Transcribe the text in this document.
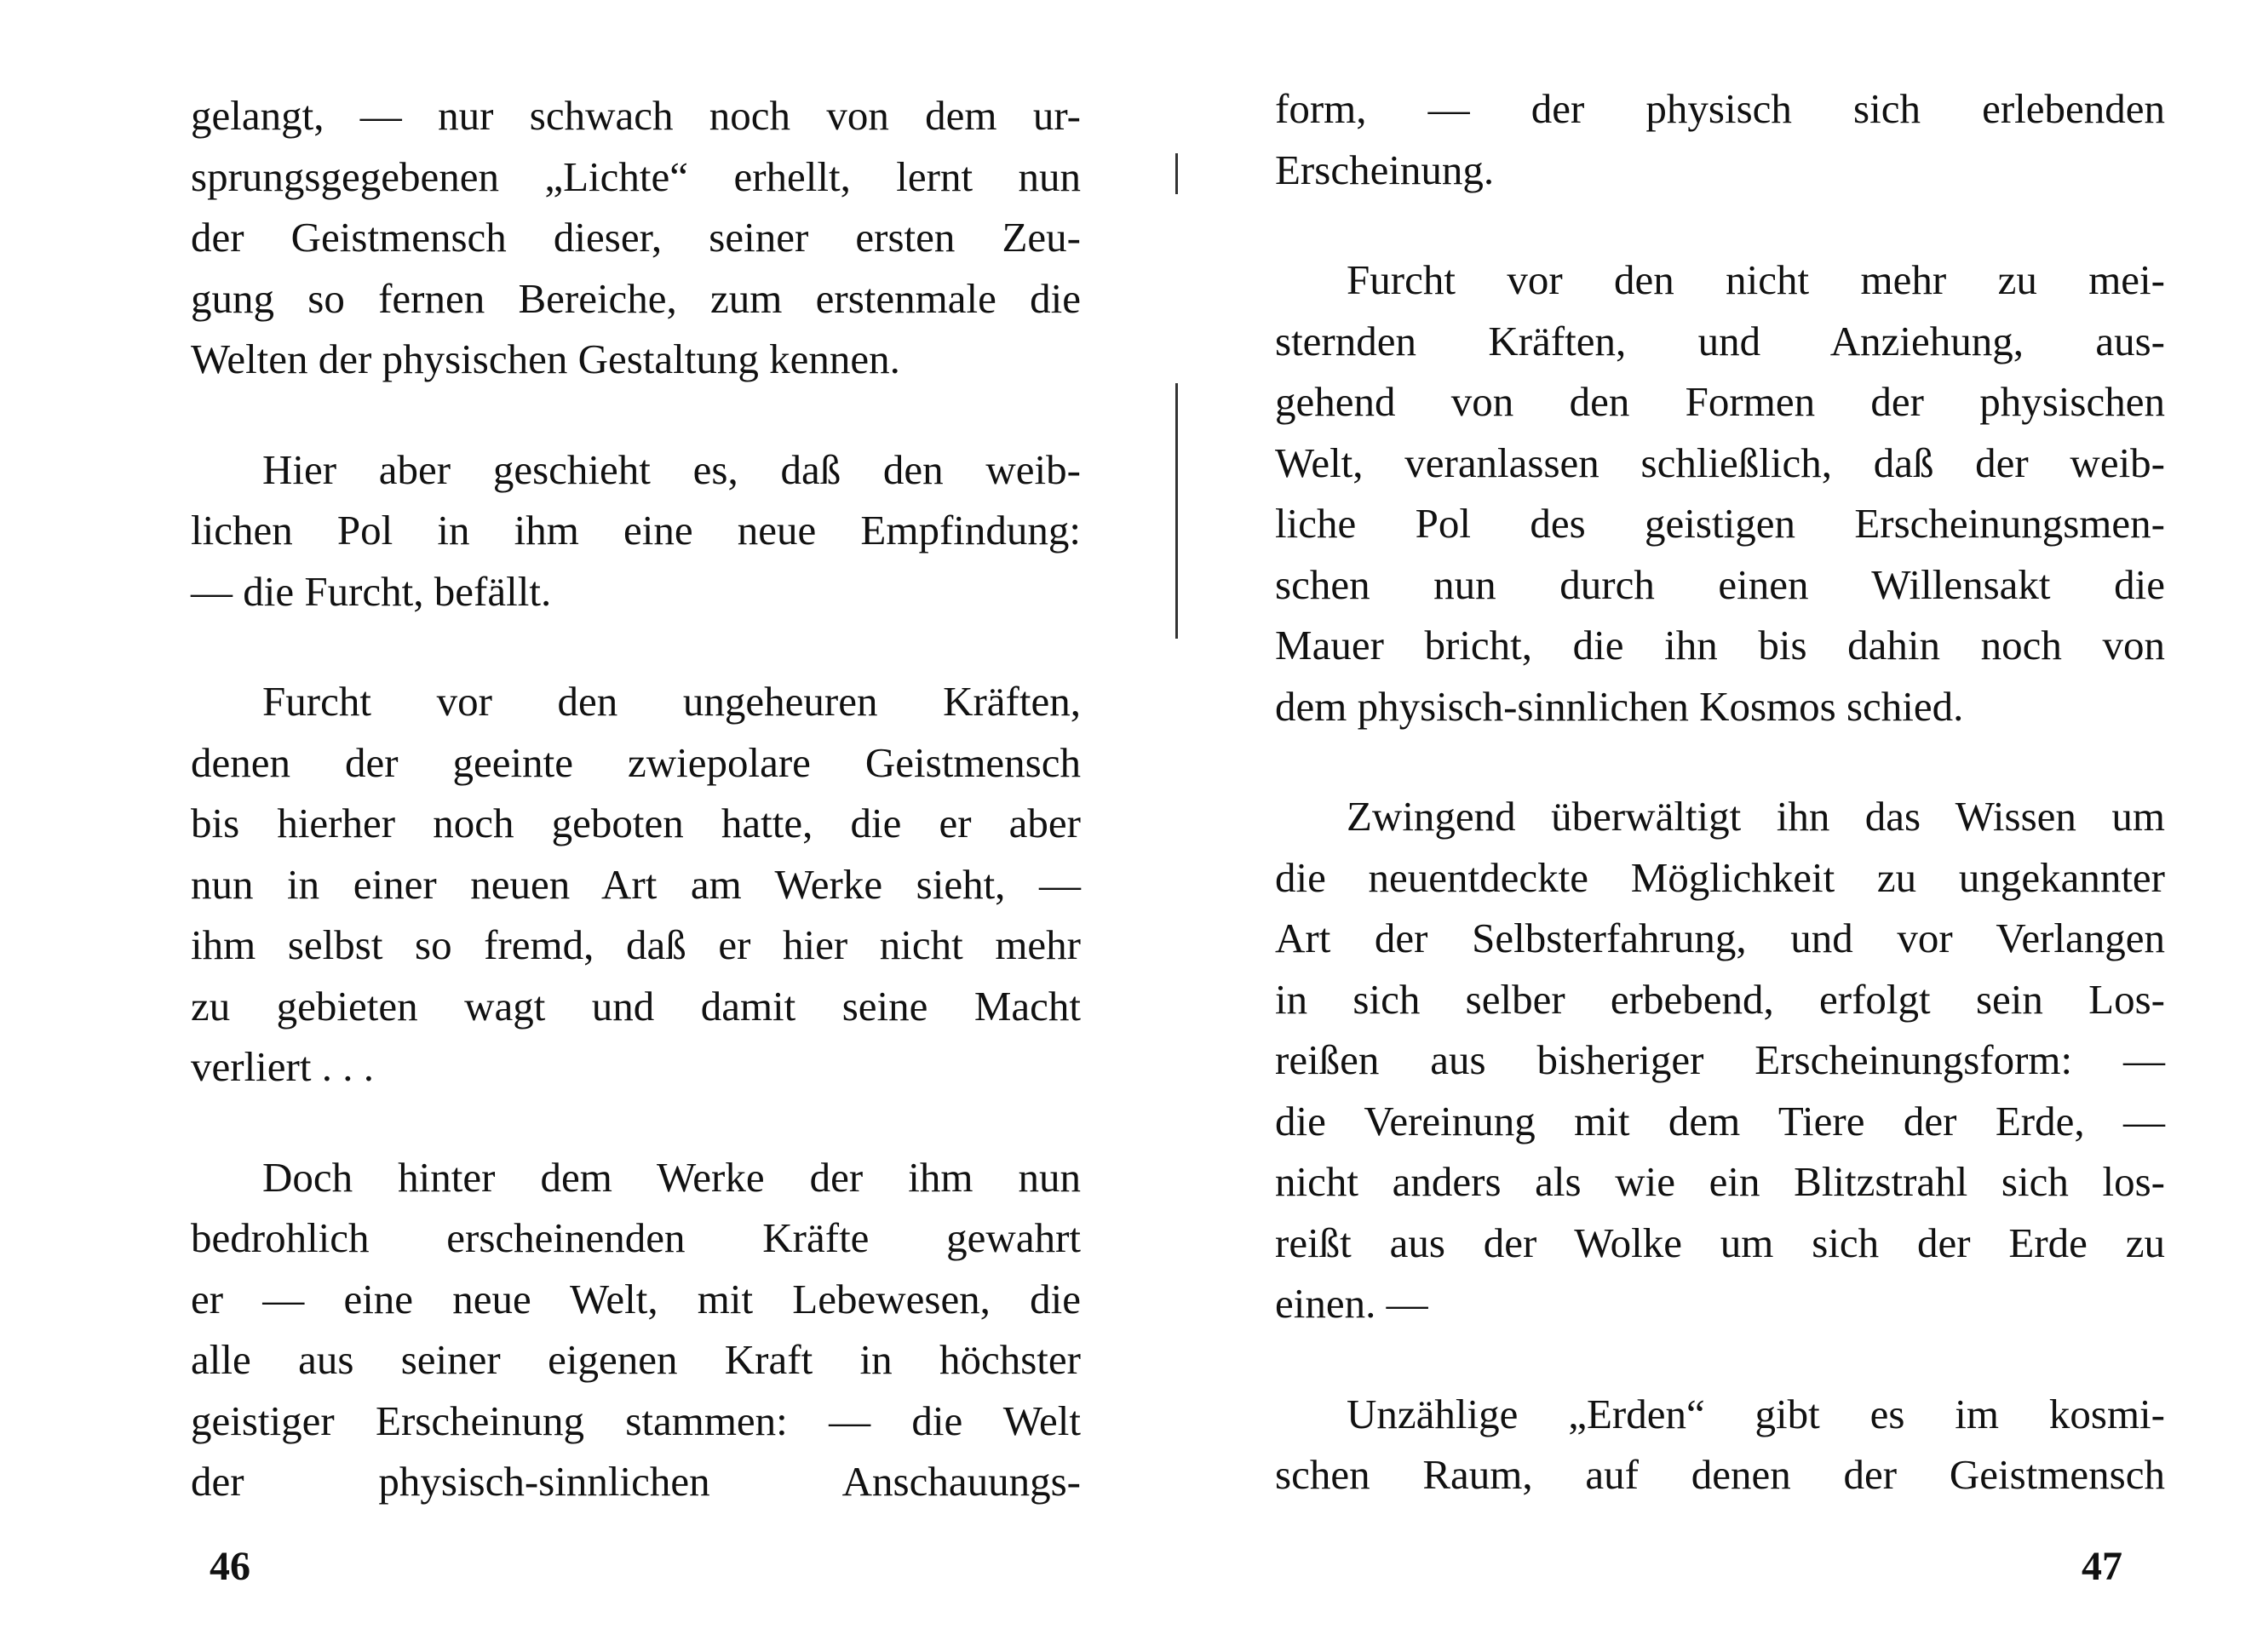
gelangt, — nur schwach noch von dem ur-
sprungsgegebenen „Lichte“ erhellt, lernt nun
der Geistmensch dieser, seiner ersten Zeu-
gung so fernen Bereiche, zum erstenmale die
Welten der physischen Gestaltung kennen.
Hier aber geschieht es, daß den weib-
lichen Pol in ihm eine neue Empfindung:
— die Furcht, befällt.
Furcht vor den ungeheuren Kräften,
denen der geeinte zwiepolare Geistmensch
bis hierher noch geboten hatte, die er aber
nun in einer neuen Art am Werke sieht, —
ihm selbst so fremd, daß er hier nicht mehr
zu gebieten wagt und damit seine Macht
verliert . . .
Doch hinter dem Werke der ihm nun
bedrohlich erscheinenden Kräfte gewahrt
er — eine neue Welt, mit Lebewesen, die
alle aus seiner eigenen Kraft in höchster
geistiger Erscheinung stammen: — die Welt
der physisch-sinnlichen Anschauungs-
46
form, — der physisch sich erlebenden
Erscheinung.
Furcht vor den nicht mehr zu mei-
sternden Kräften, und Anziehung, aus-
gehend von den Formen der physischen
Welt, veranlassen schließlich, daß der weib-
liche Pol des geistigen Erscheinungsmen-
schen nun durch einen Willensakt die
Mauer bricht, die ihn bis dahin noch von
dem physisch-sinnlichen Kosmos schied.
Zwingend überwältigt ihn das Wissen um
die neuentdeckte Möglichkeit zu ungekannter
Art der Selbsterfahrung, und vor Verlangen
in sich selber erbebend, erfolgt sein Los-
reißen aus bisheriger Erscheinungsform: —
die Vereinung mit dem Tiere der Erde, —
nicht anders als wie ein Blitzstrahl sich los-
reißt aus der Wolke um sich der Erde zu
einen. —
Unzählige „Erden“ gibt es im kosmi-
schen Raum, auf denen der Geistmensch
47
